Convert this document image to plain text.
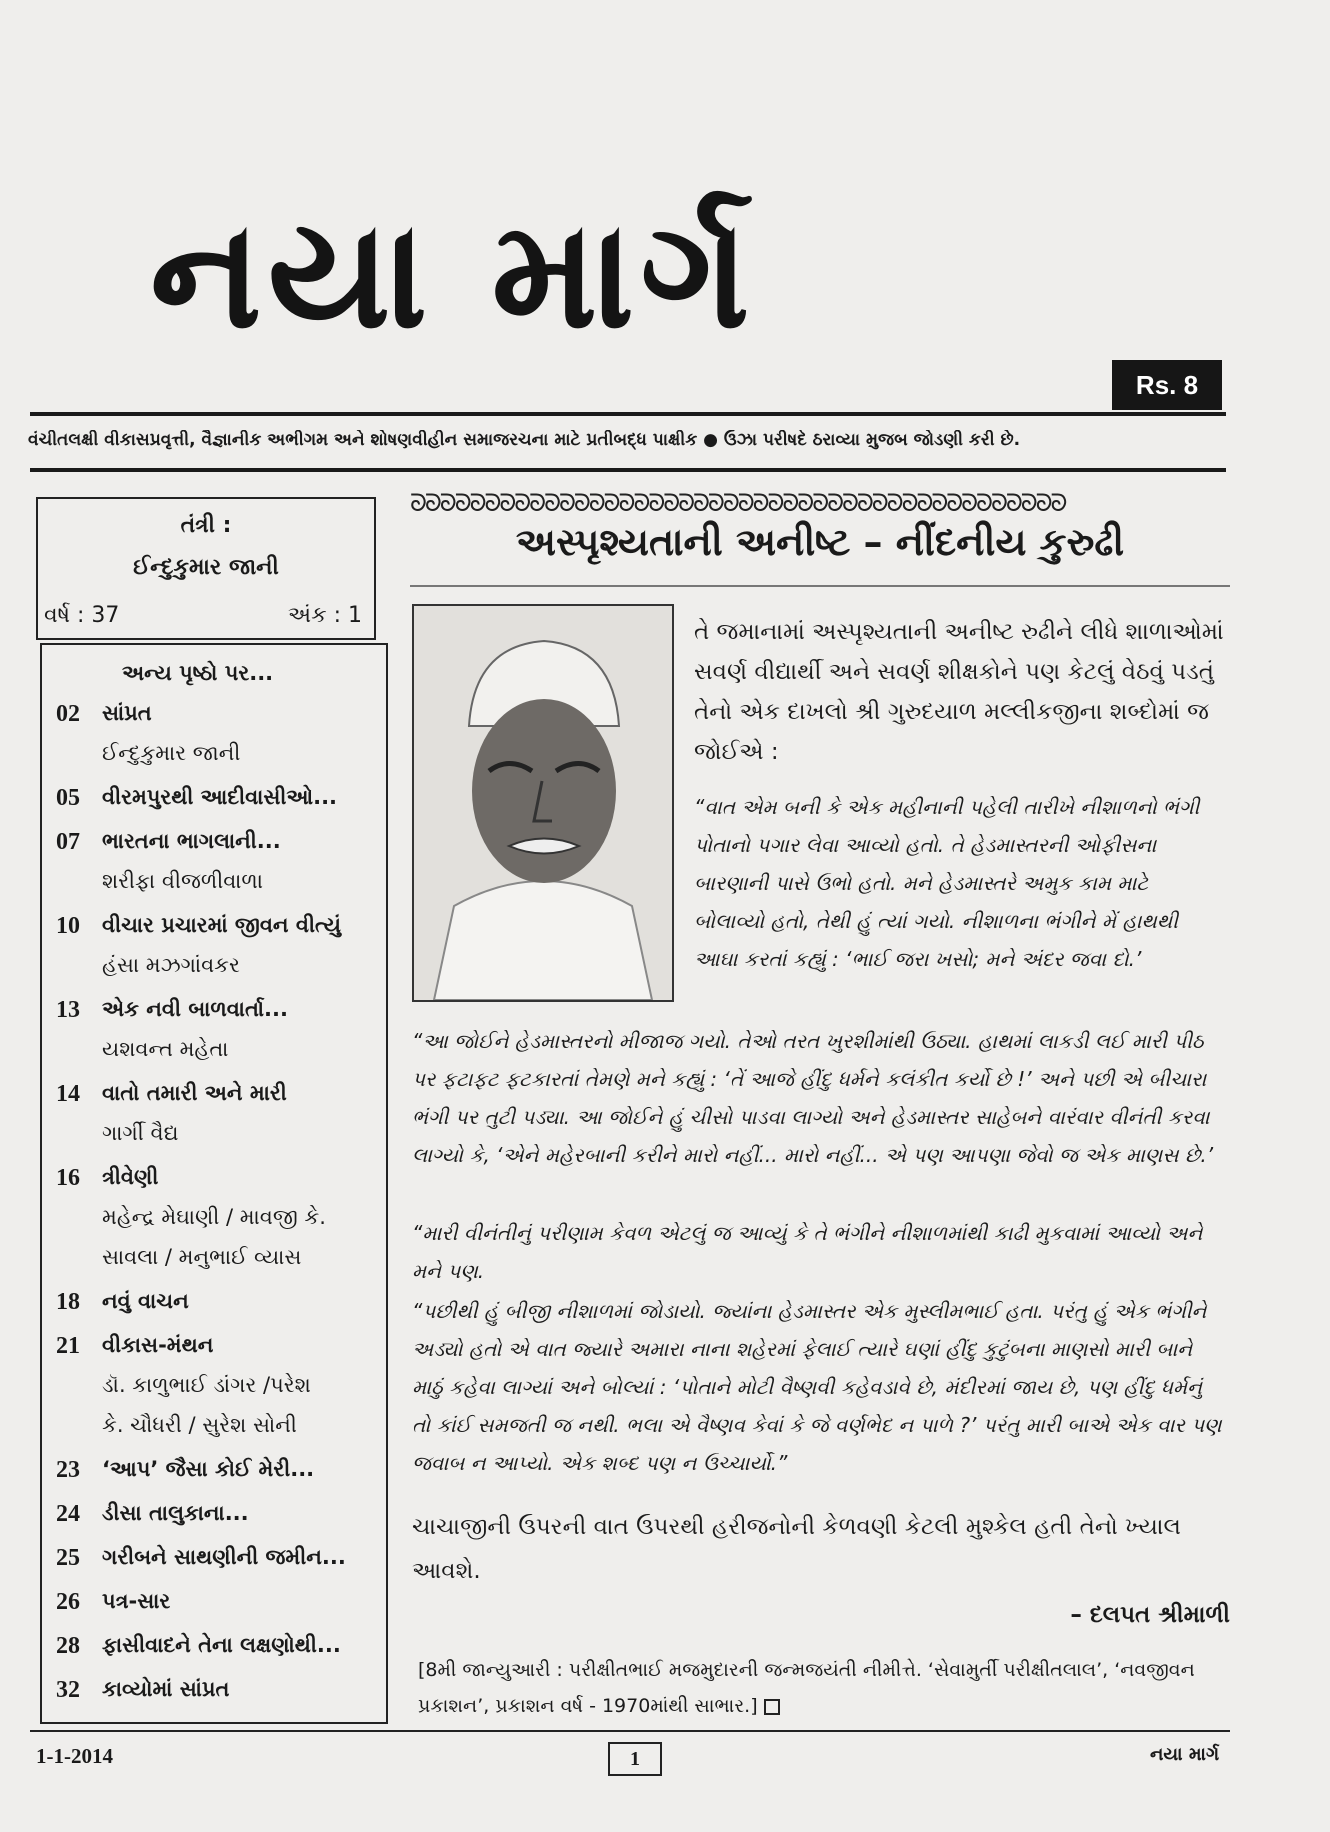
નયા માર્ગ
Rs. 8
વંચીતલક્ષી વીકાસપ્રવૃત્તી, વૈજ્ઞાનીક અભીગમ અને શોષણવીહીન સમાજરચના માટે પ્રતીબદ્ધ પાક્ષીક ● ઉંઝા પરીષદે ઠરાવ્યા મુજબ જોડણી કરી છે.
તંત્રી :
ઈન્દુકુમાર જાની
વર્ષ : 37	અંક : 1
અન્ય પૃષ્ઠો પર...
02	સાંપ્રત
ઈન્દુકુમાર જાની
05	વીરમપુરથી આદીવાસીઓ...
07	ભારતના ભાગલાની...
શરીફા વીજળીવાળા
10	વીચાર પ્રચારમાં જીવન વીત્યું
હંસા મઝગાંવકર
13	એક નવી બાળવાર્તા...
યશવન્ત મહેતા
14	વાતો તમારી અને મારી
ગાર્ગી વૈદ્ય
16	ત્રીવેણી
મહેન્દ્ર મેઘાણી / માવજી કે.
સાવલા / મનુભાઈ વ્યાસ
18	નવું વાચન
21	વીકાસ-મંથન
ડૉ. કાળુભાઈ ડાંગર /પરેશ
કે. ચૌધરી / સુરેશ સોની
23	‘આપ’ જૈસા કોઈ મેરી...
24	ડીસા તાલુકાના...
25	ગરીબને સાથણીની જમીન...
26	પત્ર-સાર
28	ફાસીવાદને તેના લક્ષણોથી...
32	કાવ્યોમાં સાંપ્રત
ᘐᘐᘐᘐᘐᘐᘐᘐᘐᘐᘐᘐᘐᘐᘐᘐᘐᘐᘐᘐᘐᘐᘐᘐᘐᘐᘐᘐᘐᘐᘐᘐᘐᘐᘐᘐᘐᘐᘐᘐᘐᘐᘐᘐ
અસ્પૃશ્યતાની અનીષ્ટ – નીંદનીય કુરુઢી
તે જમાનામાં અસ્પૃશ્યતાની અનીષ્ટ રુઢીને લીધે શાળાઓમાં સવર્ણ વીદ્યાર્થી અને સવર્ણ શીક્ષકોને પણ કેટલું વેઠવું પડતું તેનો એક દાખલો શ્રી ગુરુદયાળ મલ્લીકજીના શબ્દોમાં જ જોઈએ :
“વાત એમ બની કે એક મહીનાની પહેલી તારીખે નીશાળનો ભંગી પોતાનો પગાર લેવા આવ્યો હતો. તે હેડમાસ્તરની ઓફીસના બારણાની પાસે ઉભો હતો. મને હેડમાસ્તરે અમુક કામ માટે બોલાવ્યો હતો, તેથી હું ત્યાં ગયો. નીશાળના ભંગીને મેં હાથથી આઘા કરતાં કહ્યું : ‘ભાઈ જરા ખસો; મને અંદર જવા દો.’
“આ જોઈને હેડમાસ્તરનો મીજાજ ગયો. તેઓ તરત ખુરશીમાંથી ઉઠ્યા. હાથમાં લાકડી લઈ મારી પીઠ પર ફટાફટ ફટકારતાં તેમણે મને કહ્યું : ‘તેં આજે હીંદુ ધર્મને કલંકીત કર્યો છે !’ અને પછી એ બીચારા ભંગી પર તુટી પડ્યા. આ જોઈને હું ચીસો પાડવા લાગ્યો અને હેડમાસ્તર સાહેબને વારંવાર વીનંતી કરવા લાગ્યો કે, ‘એને મહેરબાની કરીને મારો નહીં... મારો નહીં... એ પણ આપણા જેવો જ એક માણસ છે.’
“મારી વીનંતીનું પરીણામ કેવળ એટલું જ આવ્યું કે તે ભંગીને નીશાળમાંથી કાઢી મુકવામાં આવ્યો અને મને પણ.
“પછીથી હું બીજી નીશાળમાં જોડાયો. જ્યાંના હેડમાસ્તર એક મુસ્લીમભાઈ હતા. પરંતુ હું એક ભંગીને અડ્યો હતો એ વાત જ્યારે અમારા નાના શહેરમાં ફેલાઈ ત્યારે ઘણાં હીંદુ કુટુંબના માણસો મારી બાને માઠું કહેવા લાગ્યાં અને બોલ્યાં : ‘પોતાને મોટી વૈષ્ણવી કહેવડાવે છે, મંદીરમાં જાય છે, પણ હીંદુ ધર્મનું તો કાંઈ સમજતી જ નથી. ભલા એ વૈષ્ણવ કેવાં કે જે વર્ણભેદ ન પાળે ?’ પરંતુ મારી બાએ એક વાર પણ જવાબ ન આપ્યો. એક શબ્દ પણ ન ઉચ્ચાર્યો.”
ચાચાજીની ઉપરની વાત ઉપરથી હરીજનોની કેળવણી કેટલી મુશ્કેલ હતી તેનો ખ્યાલ આવશે.
– દલપત શ્રીમાળી
[8મી જાન્યુઆરી : પરીક્ષીતભાઈ મજમુદારની જન્મજયંતી નીમીત્તે. ‘સેવામુર્તી પરીક્ષીતલાલ’, ‘નવજીવન પ્રકાશન’, પ્રકાશન વર્ષ - 1970માંથી સાભાર.]
1-1-2014	1	નયા માર્ગ
